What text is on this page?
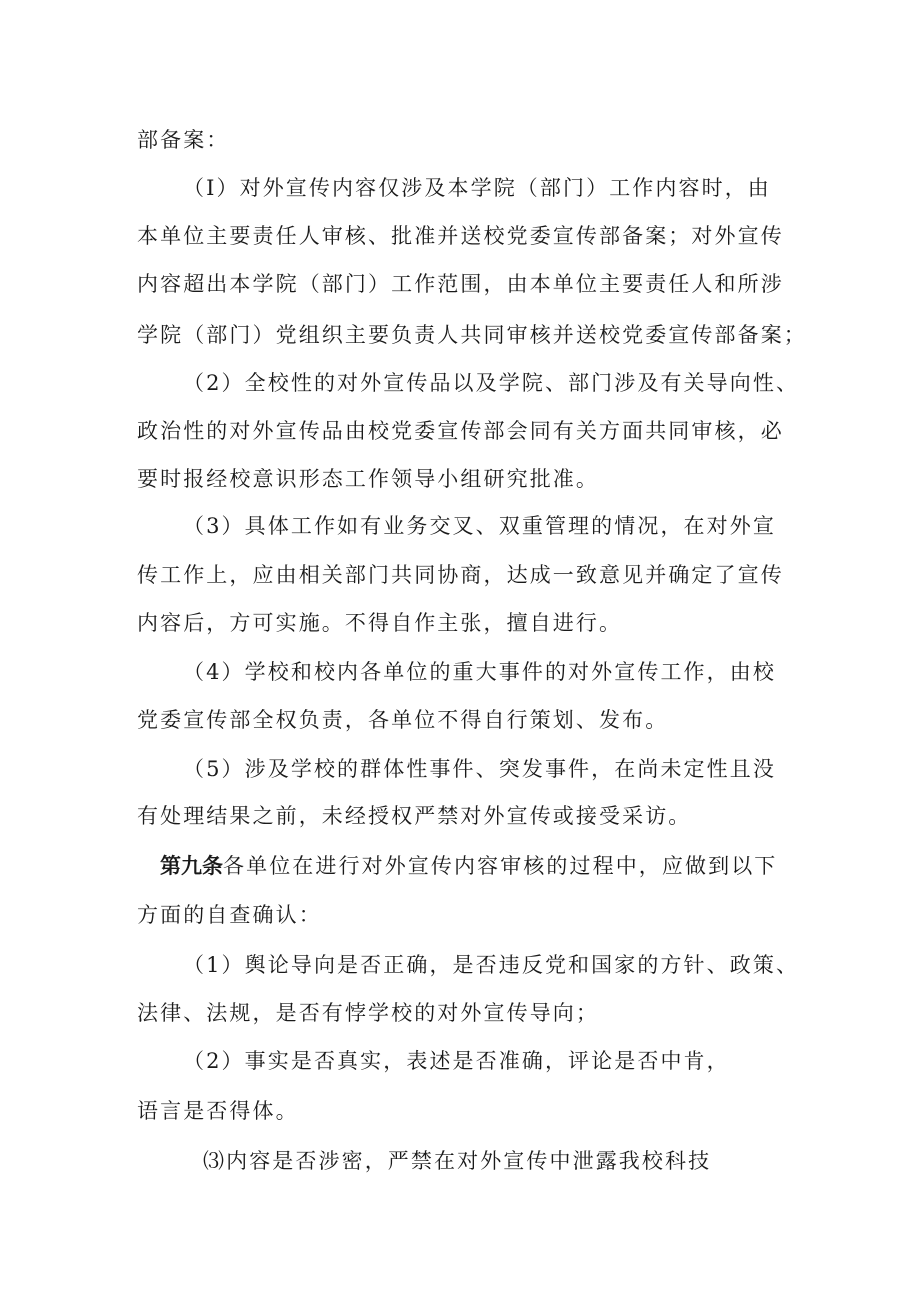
部备案：
（I）对外宣传内容仅涉及本学院（部门）工作内容时，由
本单位主要责任人审核、批准并送校党委宣传部备案；对外宣传
内容超出本学院（部门）工作范围，由本单位主要责任人和所涉
学院（部门）党组织主要负责人共同审核并送校党委宣传部备案；
（2）全校性的对外宣传品以及学院、部门涉及有关导向性、
政治性的对外宣传品由校党委宣传部会同有关方面共同审核，必
要时报经校意识形态工作领导小组研究批准。
（3）具体工作如有业务交叉、双重管理的情况，在对外宣
传工作上，应由相关部门共同协商，达成一致意见并确定了宣传
内容后，方可实施。不得自作主张，擅自进行。
（4）学校和校内各单位的重大事件的对外宣传工作，由校
党委宣传部全权负责，各单位不得自行策划、发布。
（5）涉及学校的群体性事件、突发事件，在尚未定性且没
有处理结果之前，未经授权严禁对外宣传或接受采访。
第九条各单位在进行对外宣传内容审核的过程中，应做到以下
方面的自查确认：
（1）舆论导向是否正确，是否违反党和国家的方针、政策、
法律、法规，是否有悖学校的对外宣传导向；
（2）事实是否真实，表述是否准确，评论是否中肯，
语言是否得体。
⑶内容是否涉密，严禁在对外宣传中泄露我校科技
